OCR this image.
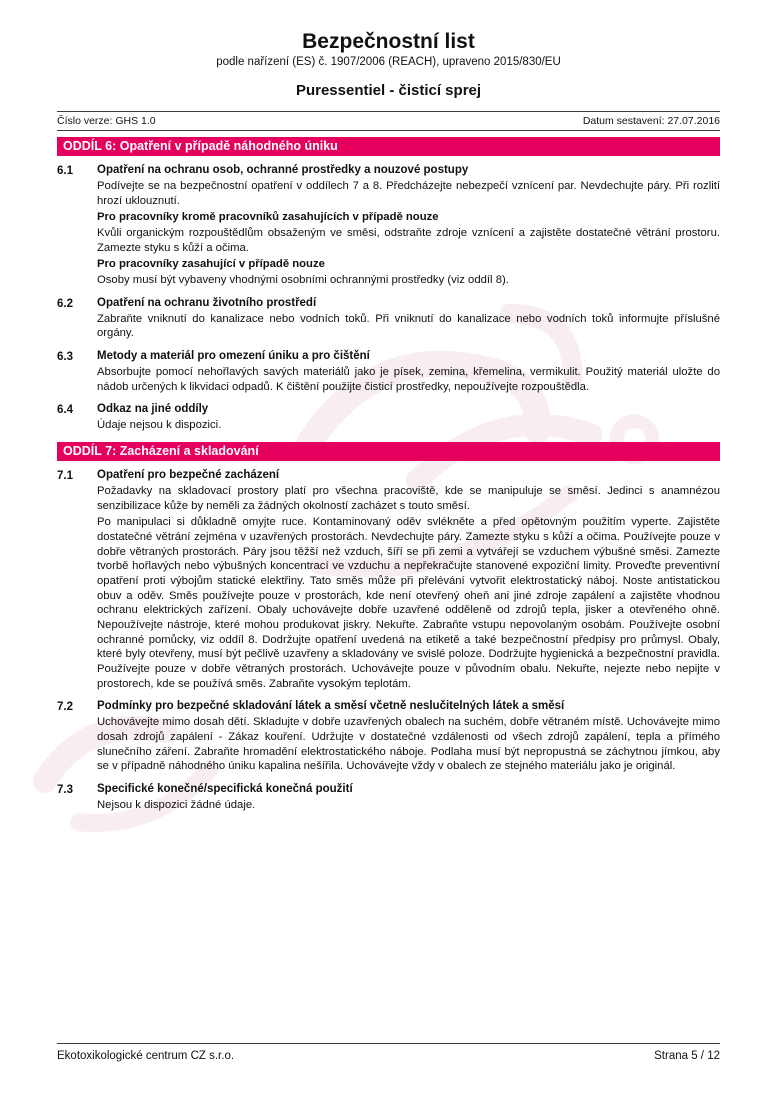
Bezpečnostní list
podle nařízení (ES) č. 1907/2006 (REACH), upraveno 2015/830/EU
Puressentiel - čisticí sprej
Číslo verze: GHS 1.0	Datum sestavení: 27.07.2016
ODDÍL 6: Opatření v případě náhodného úniku
6.1	Opatření na ochranu osob, ochranné prostředky a nouzové postupy

Podívejte se na bezpečnostní opatření v oddílech 7 a 8. Předcházejte nebezpečí vznícení par. Nevdechujte páry. Při rozlití hrozí uklouznutí.

Pro pracovníky kromě pracovníků zasahujících v případě nouze

Kvůli organickým rozpouštědlům obsaženým ve směsi, odstraňte zdroje vznícení a zajistěte dostatečné větrání prostoru. Zamezte styku s kůží a očima.

Pro pracovníky zasahující v případě nouze

Osoby musí být vybaveny vhodnými osobními ochrannými prostředky (viz oddíl 8).

6.2	Opatření na ochranu životního prostředí

Zabraňte vniknutí do kanalizace nebo vodních toků. Při vniknutí do kanalizace nebo vodních toků informujte příslušné orgány.

6.3	Metody a materiál pro omezení úniku a pro čištění

Absorbujte pomocí nehořlavých savých materiálů jako je písek, zemina, křemelina, vermikulit. Použitý materiál uložte do nádob určených k likvidaci odpadů. K čištění použijte čisticí prostředky, nepoužívejte rozpouštědla.

6.4	Odkaz na jiné oddíly

Údaje nejsou k dispozici.

ODDÍL 7: Zacházení a skladování
7.1	Opatření pro bezpečné zacházení

Požadavky na skladovací prostory platí pro všechna pracoviště, kde se manipuluje se směsí. Jedinci s anamnézou senzibilizace kůže by neměli za žádných okolností zacházet s touto směsí.

Po manipulaci si důkladně omyjte ruce. Kontaminovaný oděv svlékněte a před opětovným použitím vyperte. Zajistěte dostatečné větrání zejména v uzavřených prostorách. Nevdechujte páry. Zamezte styku s kůží a očima. Používejte pouze v dobře větraných prostorách. Páry jsou těžší než vzduch, šíří se při zemi a vytvářejí se vzduchem výbušné směsi. Zamezte tvorbě hořlavých nebo výbušných koncentrací ve vzduchu a nepřekračujte stanovené expoziční limity. Proveďte preventivní opatření proti výbojům statické elektřiny. Tato směs může při přelévání vytvořit elektrostatický náboj. Noste antistatickou obuv a oděv. Směs používejte pouze v prostorách, kde není otevřený oheň ani jiné zdroje zapálení a zajistěte vhodnou ochranu elektrických zařízení. Obaly uchovávejte dobře uzavřené odděleně od zdrojů tepla, jisker a otevřeného ohně. Nepoužívejte nástroje, které mohou produkovat jiskry. Nekuřte. Zabraňte vstupu nepovolaným osobám. Používejte osobní ochranné pomůcky, viz oddíl 8. Dodržujte opatření uvedená na etiketě a také bezpečnostní předpisy pro průmysl. Obaly, které byly otevřeny, musí být pečlivě uzavřeny a skladovány ve svislé poloze. Dodržujte hygienická a bezpečnostní pravidla. Používejte pouze v dobře větraných prostorách. Uchovávejte pouze v původním obalu. Nekuřte, nejezte nebo nepijte v prostorech, kde se používá směs. Zabraňte vysokým teplotám.

7.2	Podmínky pro bezpečné skladování látek a směsí včetně neslučitelných látek a směsí

Uchovávejte mimo dosah dětí. Skladujte v dobře uzavřených obalech na suchém, dobře větraném místě. Uchovávejte mimo dosah zdrojů zapálení - Zákaz kouření. Udržujte v dostatečné vzdálenosti od všech zdrojů zapálení, tepla a přímého slunečního záření. Zabraňte hromadění elektrostatického náboje. Podlaha musí být nepropustná se záchytnou jímkou, aby se v případně náhodného úniku kapalina nešířila. Uchovávejte vždy v obalech ze stejného materiálu jako je originál.

7.3	Specifické konečné/specifická konečná použití

Nejsou k dispozici žádné údaje.

Ekotoxikologické centrum CZ s.r.o.	Strana 5 / 12
